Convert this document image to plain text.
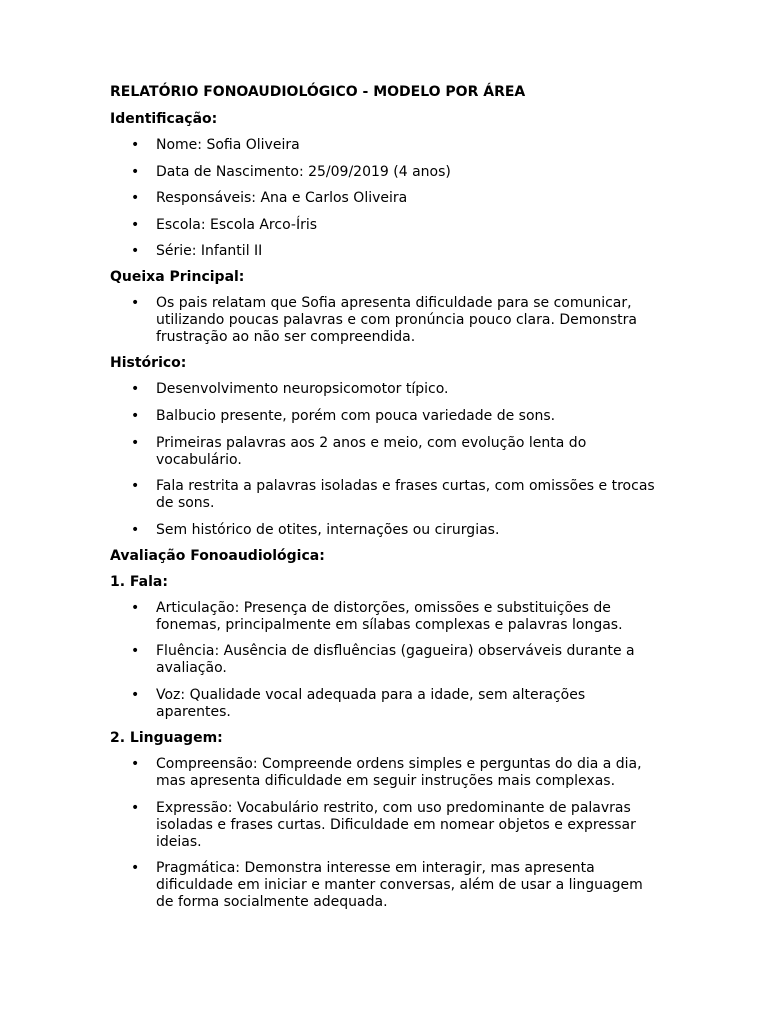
RELATÓRIO FONOAUDIOLÓGICO - MODELO POR ÁREA
Identificação:
• Nome: Sofia Oliveira
• Data de Nascimento: 25/09/2019 (4 anos)
• Responsáveis: Ana e Carlos Oliveira
• Escola: Escola Arco-Íris
• Série: Infantil II
Queixa Principal:
• Os pais relatam que Sofia apresenta dificuldade para se comunicar, utilizando poucas palavras e com pronúncia pouco clara. Demonstra frustração ao não ser compreendida.
Histórico:
• Desenvolvimento neuropsicomotor típico.
• Balbucio presente, porém com pouca variedade de sons.
• Primeiras palavras aos 2 anos e meio, com evolução lenta do vocabulário.
• Fala restrita a palavras isoladas e frases curtas, com omissões e trocas de sons.
• Sem histórico de otites, internações ou cirurgias.
Avaliação Fonoaudiológica:
1. Fala:
• Articulação: Presença de distorções, omissões e substituições de fonemas, principalmente em sílabas complexas e palavras longas.
• Fluência: Ausência de disfluências (gagueira) observáveis durante a avaliação.
• Voz: Qualidade vocal adequada para a idade, sem alterações aparentes.
2. Linguagem:
• Compreensão: Compreende ordens simples e perguntas do dia a dia, mas apresenta dificuldade em seguir instruções mais complexas.
• Expressão: Vocabulário restrito, com uso predominante de palavras isoladas e frases curtas. Dificuldade em nomear objetos e expressar ideias.
• Pragmática: Demonstra interesse em interagir, mas apresenta dificuldade em iniciar e manter conversas, além de usar a linguagem de forma socialmente adequada.
